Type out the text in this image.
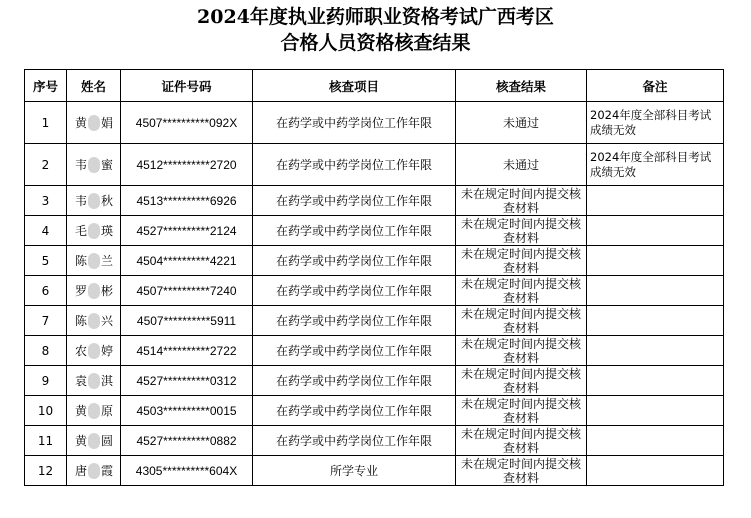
2024年度执业药师职业资格考试广西考区
合格人员资格核查结果
序号	姓名	证件号码	核查项目	核查结果	备注
1	黄 娟	4507**********092X	在药学或中药学岗位工作年限	未通过	2024年度全部科目考试成绩无效
2	韦 蜜	4512**********2720	在药学或中药学岗位工作年限	未通过	2024年度全部科目考试成绩无效
3	韦 秋	4513**********6926	在药学或中药学岗位工作年限	未在规定时间内提交核查材料	
4	毛 瑛	4527**********2124	在药学或中药学岗位工作年限	未在规定时间内提交核查材料	
5	陈 兰	4504**********4221	在药学或中药学岗位工作年限	未在规定时间内提交核查材料	
6	罗 彬	4507**********7240	在药学或中药学岗位工作年限	未在规定时间内提交核查材料	
7	陈 兴	4507**********5911	在药学或中药学岗位工作年限	未在规定时间内提交核查材料	
8	农 婷	4514**********2722	在药学或中药学岗位工作年限	未在规定时间内提交核查材料	
9	袁 淇	4527**********0312	在药学或中药学岗位工作年限	未在规定时间内提交核查材料	
10	黄 原	4503**********0015	在药学或中药学岗位工作年限	未在规定时间内提交核查材料	
11	黄 圆	4527**********0882	在药学或中药学岗位工作年限	未在规定时间内提交核查材料	
12	唐 霞	4305**********604X	所学专业	未在规定时间内提交核查材料	
